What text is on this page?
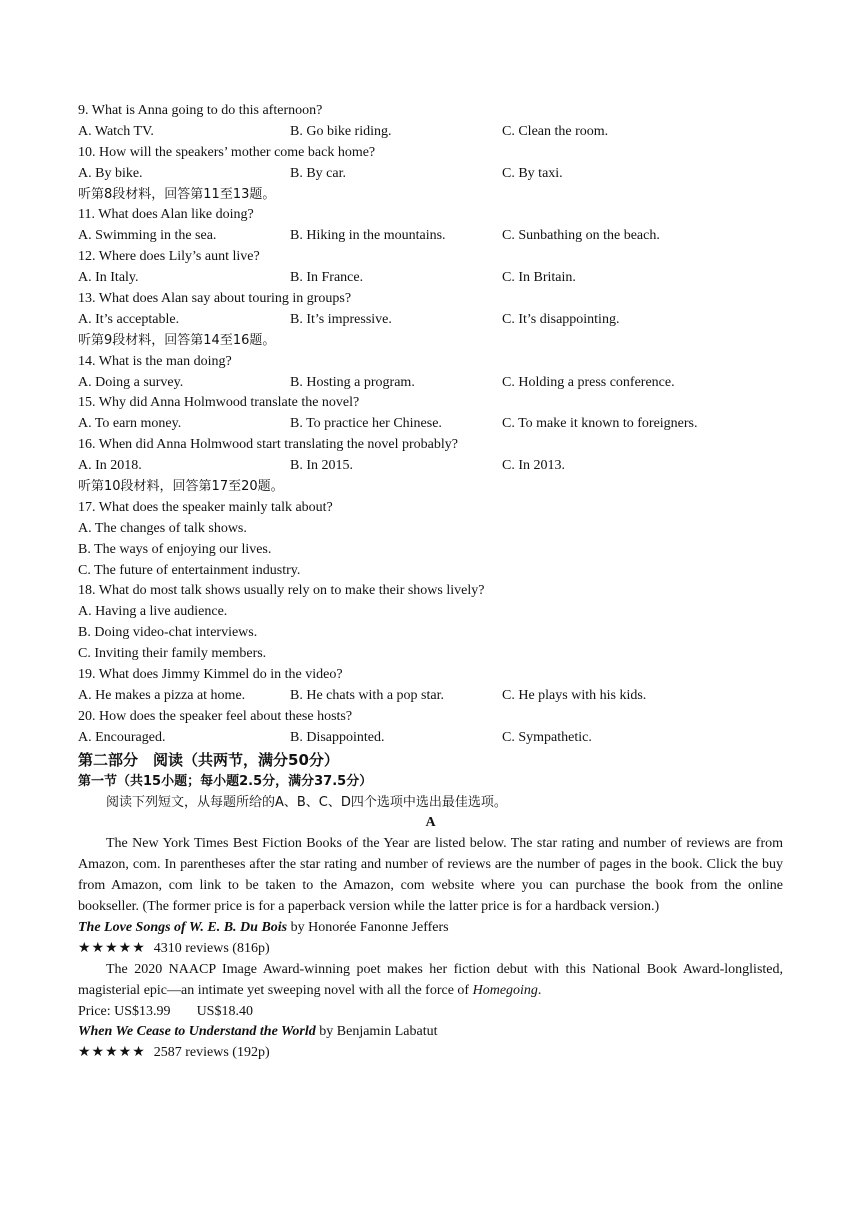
9. What is Anna going to do this afternoon?
A. Watch TV.	B. Go bike riding.	C. Clean the room.
10. How will the speakers’ mother come back home?
A. By bike.	B. By car.	C. By taxi.
听第8段材料，回答第11至13题。
11. What does Alan like doing?
A. Swimming in the sea.	B. Hiking in the mountains.	C. Sunbathing on the beach.
12. Where does Lily’s aunt live?
A. In Italy.	B. In France.	C. In Britain.
13. What does Alan say about touring in groups?
A. It’s acceptable.	B. It’s impressive.	C. It’s disappointing.
听第9段材料，回答第14至16题。
14. What is the man doing?
A. Doing a survey.	B. Hosting a program.	C. Holding a press conference.
15. Why did Anna Holmwood translate the novel?
A. To earn money.	B. To practice her Chinese.	C. To make it known to foreigners.
16. When did Anna Holmwood start translating the novel probably?
A. In 2018.	B. In 2015.	C. In 2013.
听第10段材料，回答第17至20题。
17. What does the speaker mainly talk about?
A. The changes of talk shows.
B. The ways of enjoying our lives.
C. The future of entertainment industry.
18. What do most talk shows usually rely on to make their shows lively?
A. Having a live audience.
B. Doing video-chat interviews.
C. Inviting their family members.
19. What does Jimmy Kimmel do in the video?
A. He makes a pizza at home.	B. He chats with a pop star.	C. He plays with his kids.
20. How does the speaker feel about these hosts?
A. Encouraged.	B. Disappointed.	C. Sympathetic.
第二部分　阅读（共两节，满分50分）
第一节（共15小题；每小题2.5分，满分37.5分）
阅读下列短文，从每题所给的A、B、C、D四个选项中选出最佳选项。
A
The New York Times Best Fiction Books of the Year are listed below. The star rating and number of reviews are from Amazon, com. In parentheses after the star rating and number of reviews are the number of pages in the book. Click the buy from Amazon, com link to be taken to the Amazon, com website where you can purchase the book from the online bookseller. (The former price is for a paperback version while the latter price is for a hardback version.)
The Love Songs of W. E. B. Du Bois by Honorée Fanonne Jeffers
★★★★★ 4310 reviews (816p)
The 2020 NAACP Image Award-winning poet makes her fiction debut with this National Book Award-longlisted, magisterial epic—an intimate yet sweeping novel with all the force of Homegoing.
Price: US$13.99 US$18.40
When We Cease to Understand the World by Benjamin Labatut
★★★★★ 2587 reviews (192p)
